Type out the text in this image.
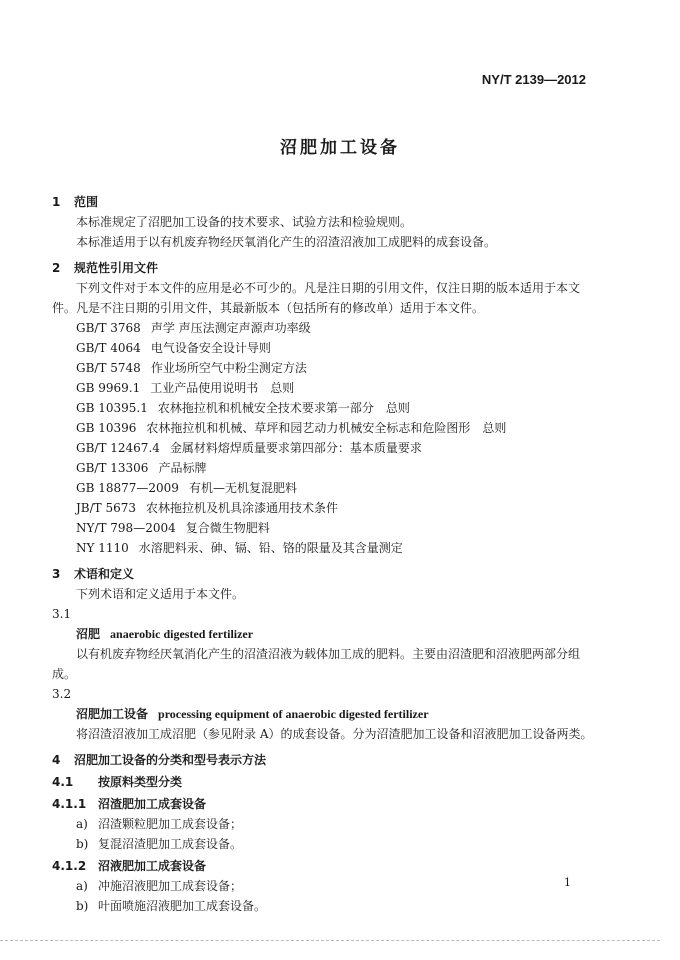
NY/T 2139—2012
沼肥加工设备
1 范围
本标准规定了沼肥加工设备的技术要求、试验方法和检验规则。
本标准适用于以有机废弃物经厌氧消化产生的沼渣沼液加工成肥料的成套设备。
2 规范性引用文件
下列文件对于本文件的应用是必不可少的。凡是注日期的引用文件，仅注日期的版本适用于本文
件。凡是不注日期的引用文件，其最新版本（包括所有的修改单）适用于本文件。
GB/T 3768 声学 声压法测定声源声功率级
GB/T 4064 电气设备安全设计导则
GB/T 5748 作业场所空气中粉尘测定方法
GB 9969.1 工业产品使用说明书　总则
GB 10395.1 农林拖拉机和机械安全技术要求第一部分　总则
GB 10396 农林拖拉机和机械、草坪和园艺动力机械安全标志和危险图形　总则
GB/T 12467.4 金属材料熔焊质量要求第四部分：基本质量要求
GB/T 13306 产品标牌
GB 18877—2009 有机—无机复混肥料
JB/T 5673 农林拖拉机及机具涂漆通用技术条件
NY/T 798—2004 复合微生物肥料
NY 1110 水溶肥料汞、砷、镉、铅、铬的限量及其含量测定
3 术语和定义
下列术语和定义适用于本文件。
3.1
沼肥 anaerobic digested fertilizer
以有机废弃物经厌氧消化产生的沼渣沼液为载体加工成的肥料。主要由沼渣肥和沼液肥两部分组
成。
3.2
沼肥加工设备 processing equipment of anaerobic digested fertilizer
将沼渣沼液加工成沼肥（参见附录 A）的成套设备。分为沼渣肥加工设备和沼液肥加工设备两类。
4 沼肥加工设备的分类和型号表示方法
4.1 按原料类型分类
4.1.1 沼渣肥加工成套设备
a) 沼渣颗粒肥加工成套设备；
b) 复混沼渣肥加工成套设备。
4.1.2 沼液肥加工成套设备
a) 冲施沼液肥加工成套设备；
b) 叶面喷施沼液肥加工成套设备。
1
